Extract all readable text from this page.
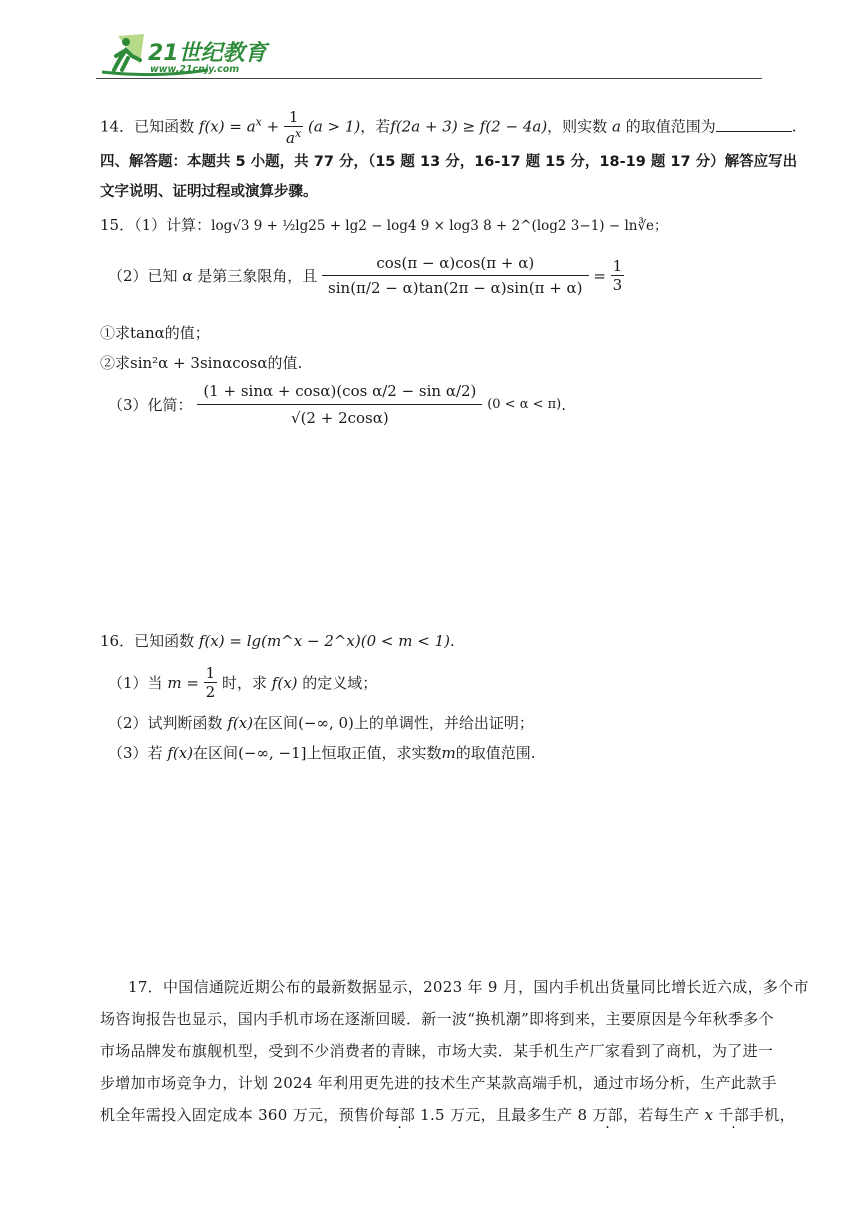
21世纪教育
www.21cnjy.com
14．已知函数 $f(x) = a^x + \frac{1}{a^x} (a > 1)$，若f(2a + 3) ≥ f(2 − 4a)，则实数 a 的取值范围为	.
四、解答题：本题共 5 小题，共 77 分，（15 题 13 分，16-17 题 15 分，18-19 题 17 分）解答应写出
文字说明、证明过程或演算步骤。
15．（1）计算：log√3 9 + ½lg25 + lg2 − log4 9 × log3 8 + 2^(log2 3−1) − ln∛e；
（2）已知 α 是第三象限角，且 $\frac{\cos(\pi - \alpha)\cos(\pi + \alpha)}{\sin(\pi/2 - \alpha)\tan(2\pi - \alpha)\sin(\pi + \alpha)} = \frac{1}{3}$
①求tanα的值；
②求sin²α + 3sinαcosα的值.
（3）化简： $\frac{\text{(1 + sinα + cosα)(cos α/2 − sin α/2)}}{√(2 + 2\cos\alpha)} (0 < \alpha < \pi)$.
16．已知函数 f(x) = lg(m^x − 2^x)(0 < m < 1).
（1）当 $m = \frac{1}{2}$ 时，求 f(x) 的定义域；
（2）试判断函数 f(x)在区间(−∞, 0)上的单调性，并给出证明；
（3）若 f(x)在区间(−∞, −1]上恒取正值，求实数m的取值范围.
17．中国信通院近期公布的最新数据显示，2023 年 9 月，国内手机出货量同比增长近六成，多个市
场咨询报告也显示，国内手机市场在逐渐回暖．新一波“换机潮”即将到来，主要原因是今年秋季多个
市场品牌发布旗舰机型，受到不少消费者的青睐，市场大卖．某手机生产厂家看到了商机，为了进一
步增加市场竞争力，计划 2024 年利用更先进的技术生产某款高端手机，通过市场分析，生产此款手
机全年需投入固定成本 360 万元，预售价每部 1.5 万元，且最多生产 8 万部，若每生产 x 千部手机，
